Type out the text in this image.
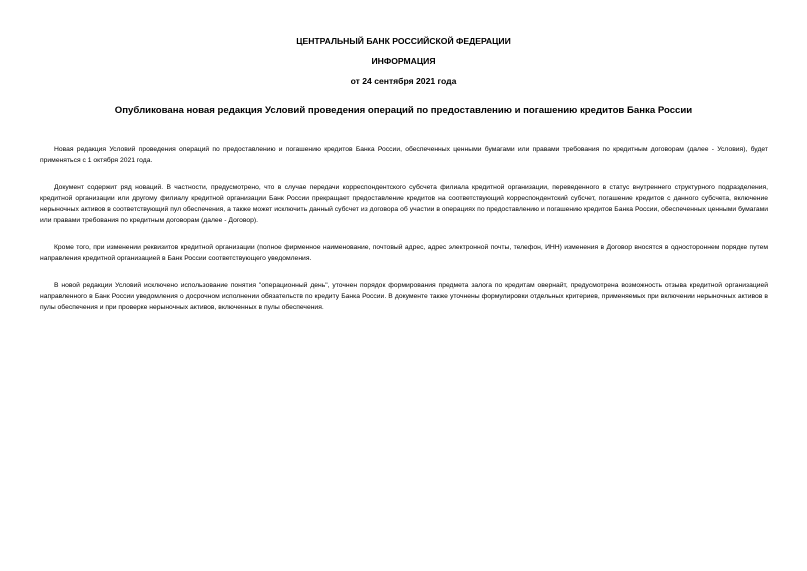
ЦЕНТРАЛЬНЫЙ БАНК РОССИЙСКОЙ ФЕДЕРАЦИИ
ИНФОРМАЦИЯ
от 24 сентября 2021 года
Опубликована новая редакция Условий проведения операций по предоставлению и погашению кредитов Банка России

Новая редакция Условий проведения операций по предоставлению и погашению кредитов Банка России, обеспеченных ценными бумагами или правами требования по кредитным договорам (далее - Условия), будет применяться с 1 октября 2021 года.

Документ содержит ряд новаций. В частности, предусмотрено, что в случае передачи корреспондентского субсчета филиала кредитной организации, переведенного в статус внутреннего структурного подразделения, кредитной организации или другому филиалу кредитной организации Банк России прекращает предоставление кредитов на соответствующий корреспондентский субсчет, погашение кредитов с данного субсчета, включение нерыночных активов в соответствующий пул обеспечения, а также может исключить данный субсчет из договора об участии в операциях по предоставлению и погашению кредитов Банка России, обеспеченных ценными бумагами или правами требования по кредитным договорам (далее - Договор).

Кроме того, при изменении реквизитов кредитной организации (полное фирменное наименование, почтовый адрес, адрес электронной почты, телефон, ИНН) изменения в Договор вносятся в одностороннем порядке путем направления кредитной организацией в Банк России соответствующего уведомления.

В новой редакции Условий исключено использование понятия "операционный день", уточнен порядок формирования предмета залога по кредитам овернайт, предусмотрена возможность отзыва кредитной организацией направленного в Банк России уведомления о досрочном исполнении обязательств по кредиту Банка России. В документе также уточнены формулировки отдельных критериев, применяемых при включении нерыночных активов в пулы обеспечения и при проверке нерыночных активов, включенных в пулы обеспечения.
